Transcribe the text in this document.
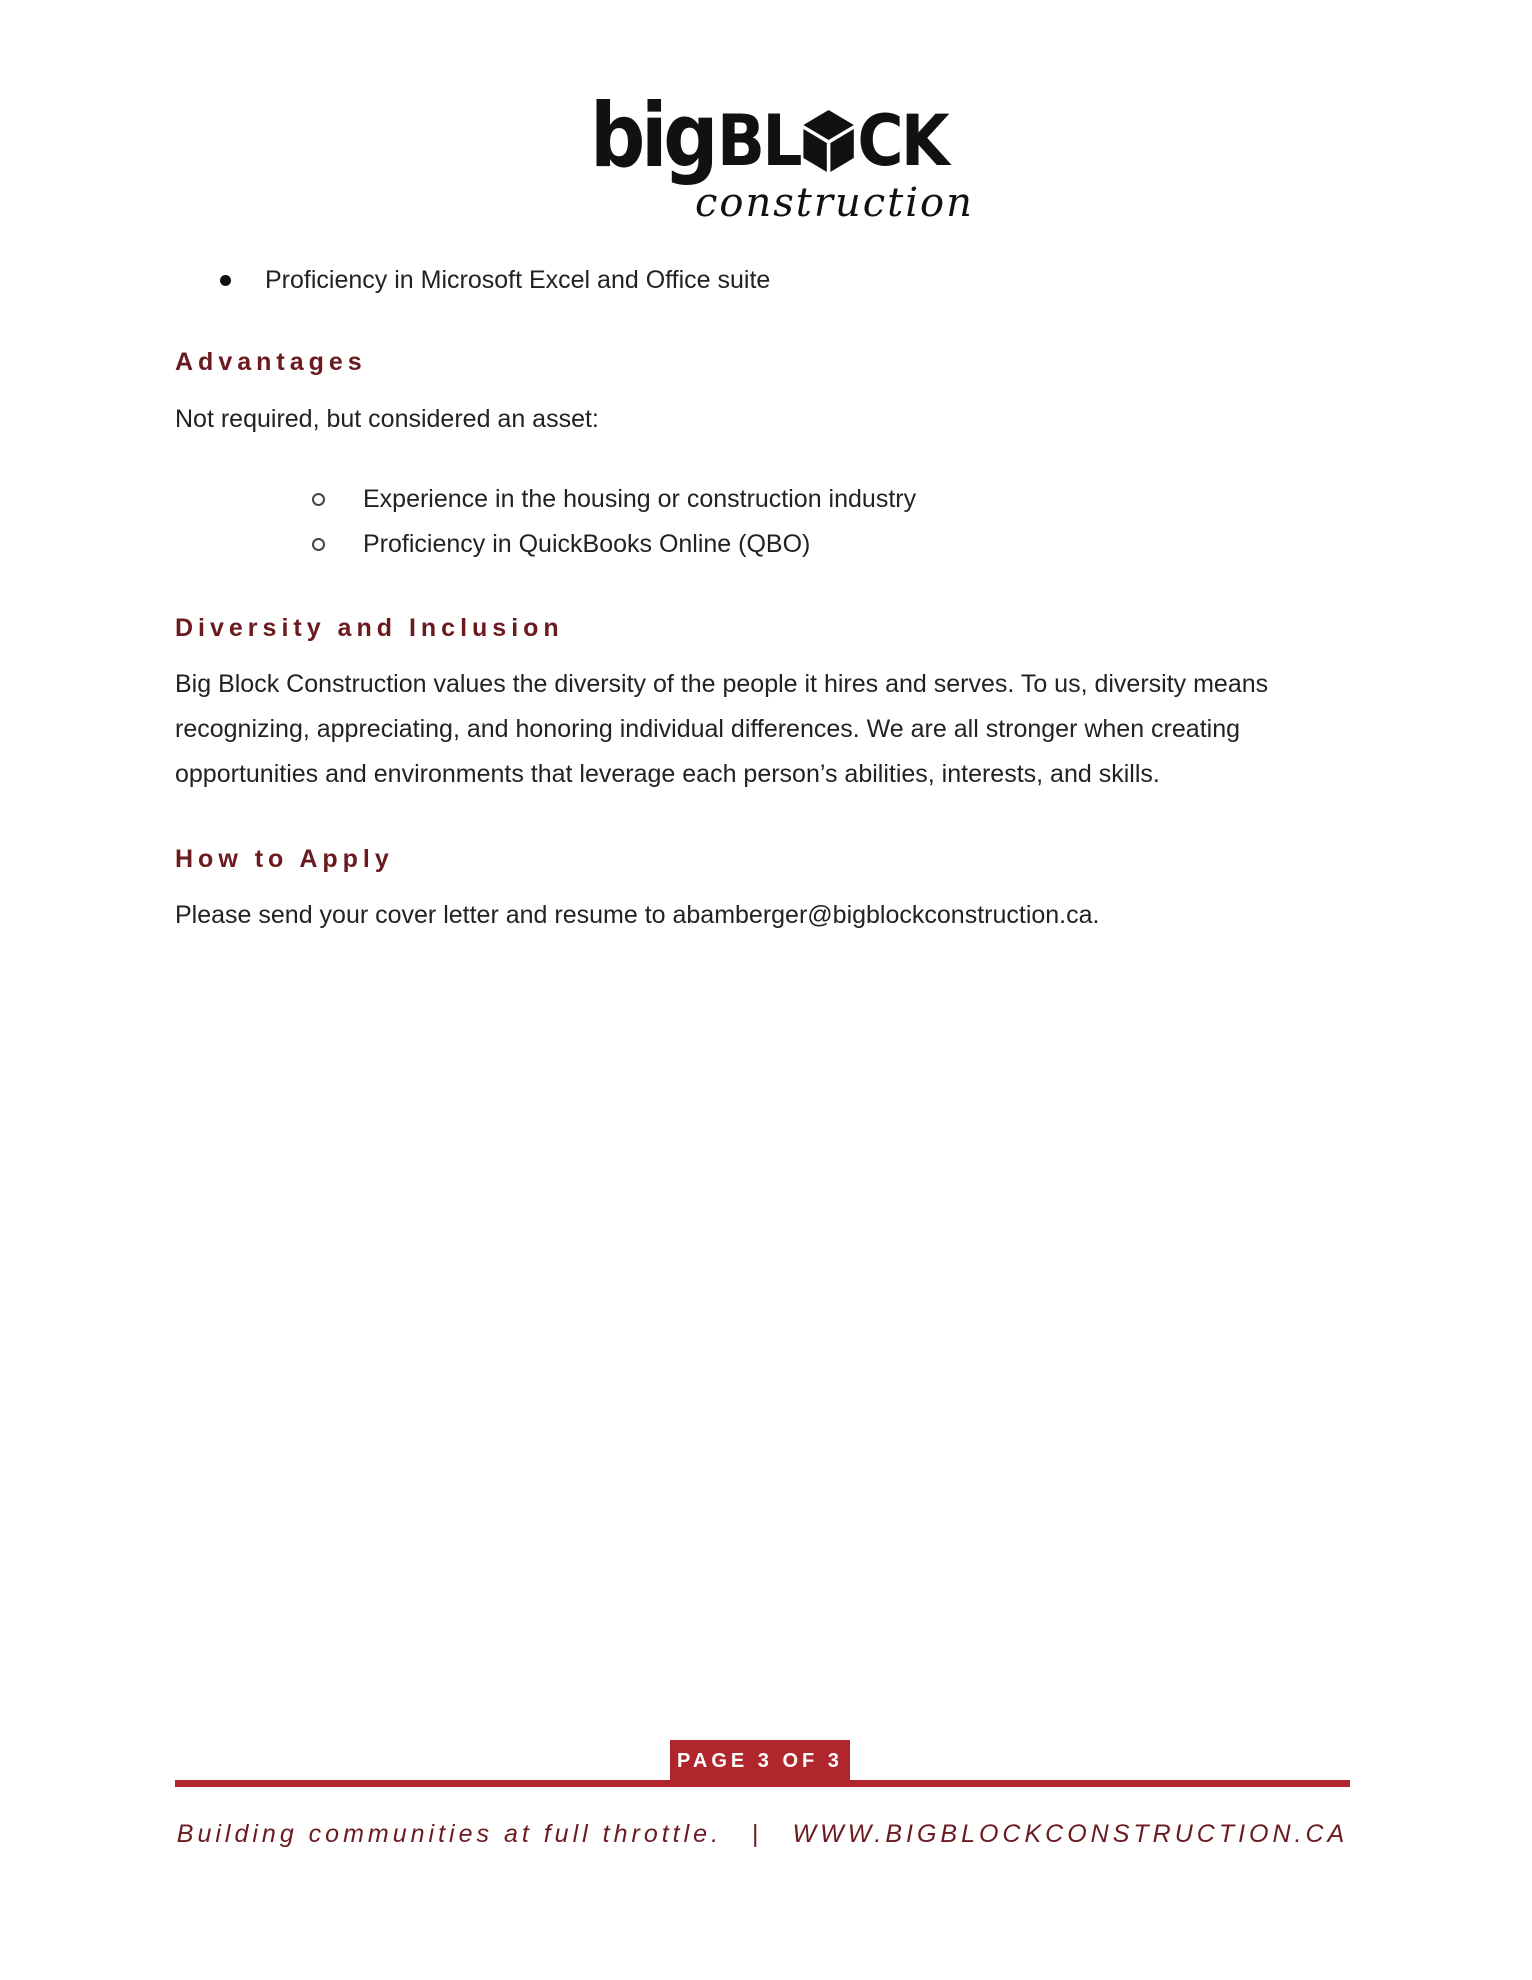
big BL CK
construction
Proficiency in Microsoft Excel and Office suite
Advantages

Not required, but considered an asset:

Experience in the housing or construction industry
Proficiency in QuickBooks Online (QBO)
Diversity and Inclusion

Big Block Construction values the diversity of the people it hires and serves. To us, diversity means

recognizing, appreciating, and honoring individual differences. We are all stronger when creating

opportunities and environments that leverage each person’s abilities, interests, and skills.

How to Apply

Please send your cover letter and resume to abamberger@bigblockconstruction.ca.

PAGE 3 OF 3
Building communities at full throttle. | WWW.BIGBLOCKCONSTRUCTION.CA
